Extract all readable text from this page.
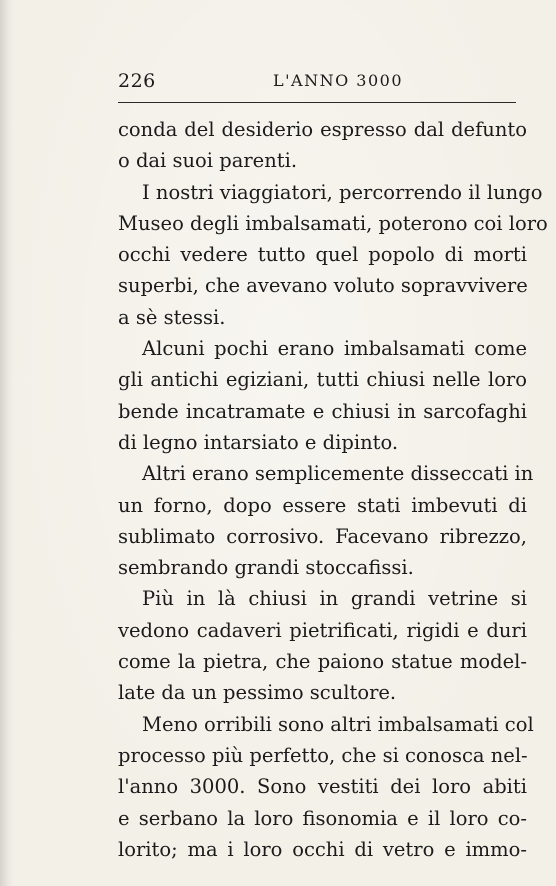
226	L'ANNO 3000

conda del desiderio espresso dal defunto
o dai suoi parenti.

I nostri viaggiatori, percorrendo il lungo
Museo degli imbalsamati, poterono coi loro
occhi vedere tutto quel popolo di morti
superbi, che avevano voluto sopravvivere
a sè stessi.

Alcuni pochi erano imbalsamati come
gli antichi egiziani, tutti chiusi nelle loro
bende incatramate e chiusi in sarcofaghi
di legno intarsiato e dipinto.

Altri erano semplicemente disseccati in
un forno, dopo essere stati imbevuti di
sublimato corrosivo. Facevano ribrezzo,
sembrando grandi stoccafissi.

Più in là chiusi in grandi vetrine si
vedono cadaveri pietrificati, rigidi e duri
come la pietra, che paiono statue model-
late da un pessimo scultore.

Meno orribili sono altri imbalsamati col
processo più perfetto, che si conosca nel-
l'anno 3000. Sono vestiti dei loro abiti
e serbano la loro fisonomia e il loro co-
lorito; ma i loro occhi di vetro e immo-
